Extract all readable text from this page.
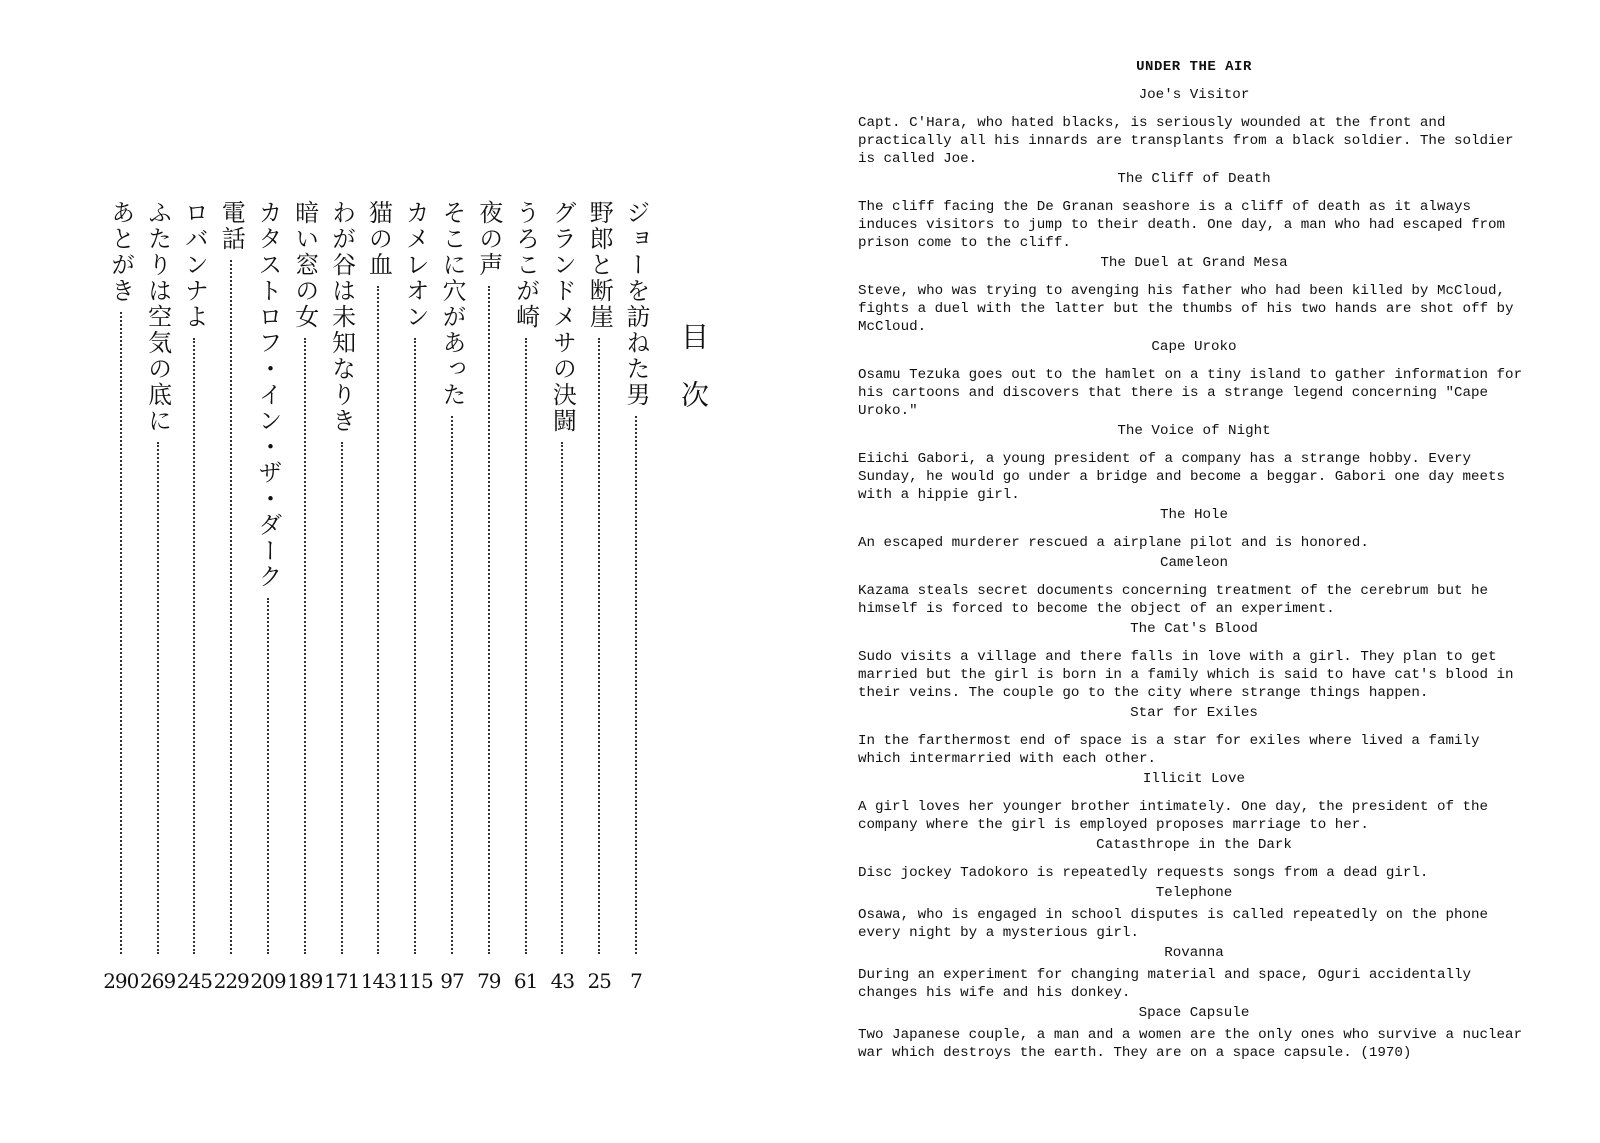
目次
ジョーを訪ねた男
7
野郎と断崖
25
グランドメサの決闘
43
うろこが崎
61
夜の声
79
そこに穴があった
97
カメレオン
115
猫の血
143
わが谷は未知なりき
171
暗い窓の女
189
カタストロフ・イン・ザ・ダーク
209
電話
229
ロバンナよ
245
ふたりは空気の底に
269
あとがき
290
UNDER THE AIR
Joe's Visitor
Capt. C'Hara, who hated blacks, is seriously wounded at the front and practically all his innards are transplants from a black soldier. The soldier is called Joe.
The Cliff of Death
The cliff facing the De Granan seashore is a cliff of death as it always induces visitors to jump to their death. One day, a man who had escaped from prison come to the cliff.
The Duel at Grand Mesa
Steve, who was trying to avenging his father who had been killed by McCloud, fights a duel with the latter but the thumbs of his two hands are shot off by McCloud.
Cape Uroko
Osamu Tezuka goes out to the hamlet on a tiny island to gather information for his cartoons and discovers that there is a strange legend concerning "Cape Uroko."
The Voice of Night
Eiichi Gabori, a young president of a company has a strange hobby. Every Sunday, he would go under a bridge and become a beggar. Gabori one day meets with a hippie girl.
The Hole
An escaped murderer rescued a airplane pilot and is honored.
Cameleon
Kazama steals secret documents concerning treatment of the cerebrum but he himself is forced to become the object of an experiment.
The Cat's Blood
Sudo visits a village and there falls in love with a girl. They plan to get married but the girl is born in a family which is said to have cat's blood in their veins. The couple go to the city where strange things happen.
Star for Exiles
In the farthermost end of space is a star for exiles where lived a family which intermarried with each other.
Illicit Love
A girl loves her younger brother intimately. One day, the president of the company where the girl is employed proposes marriage to her.
Catasthrope in the Dark
Disc jockey Tadokoro is repeatedly requests songs from a dead girl.
Telephone
Osawa, who is engaged in school disputes is called repeatedly on the phone every night by a mysterious girl.
Rovanna
During an experiment for changing material and space, Oguri accidentally changes his wife and his donkey.
Space Capsule
Two Japanese couple, a man and a women are the only ones who survive a nuclear war which destroys the earth. They are on a space capsule. (1970)
